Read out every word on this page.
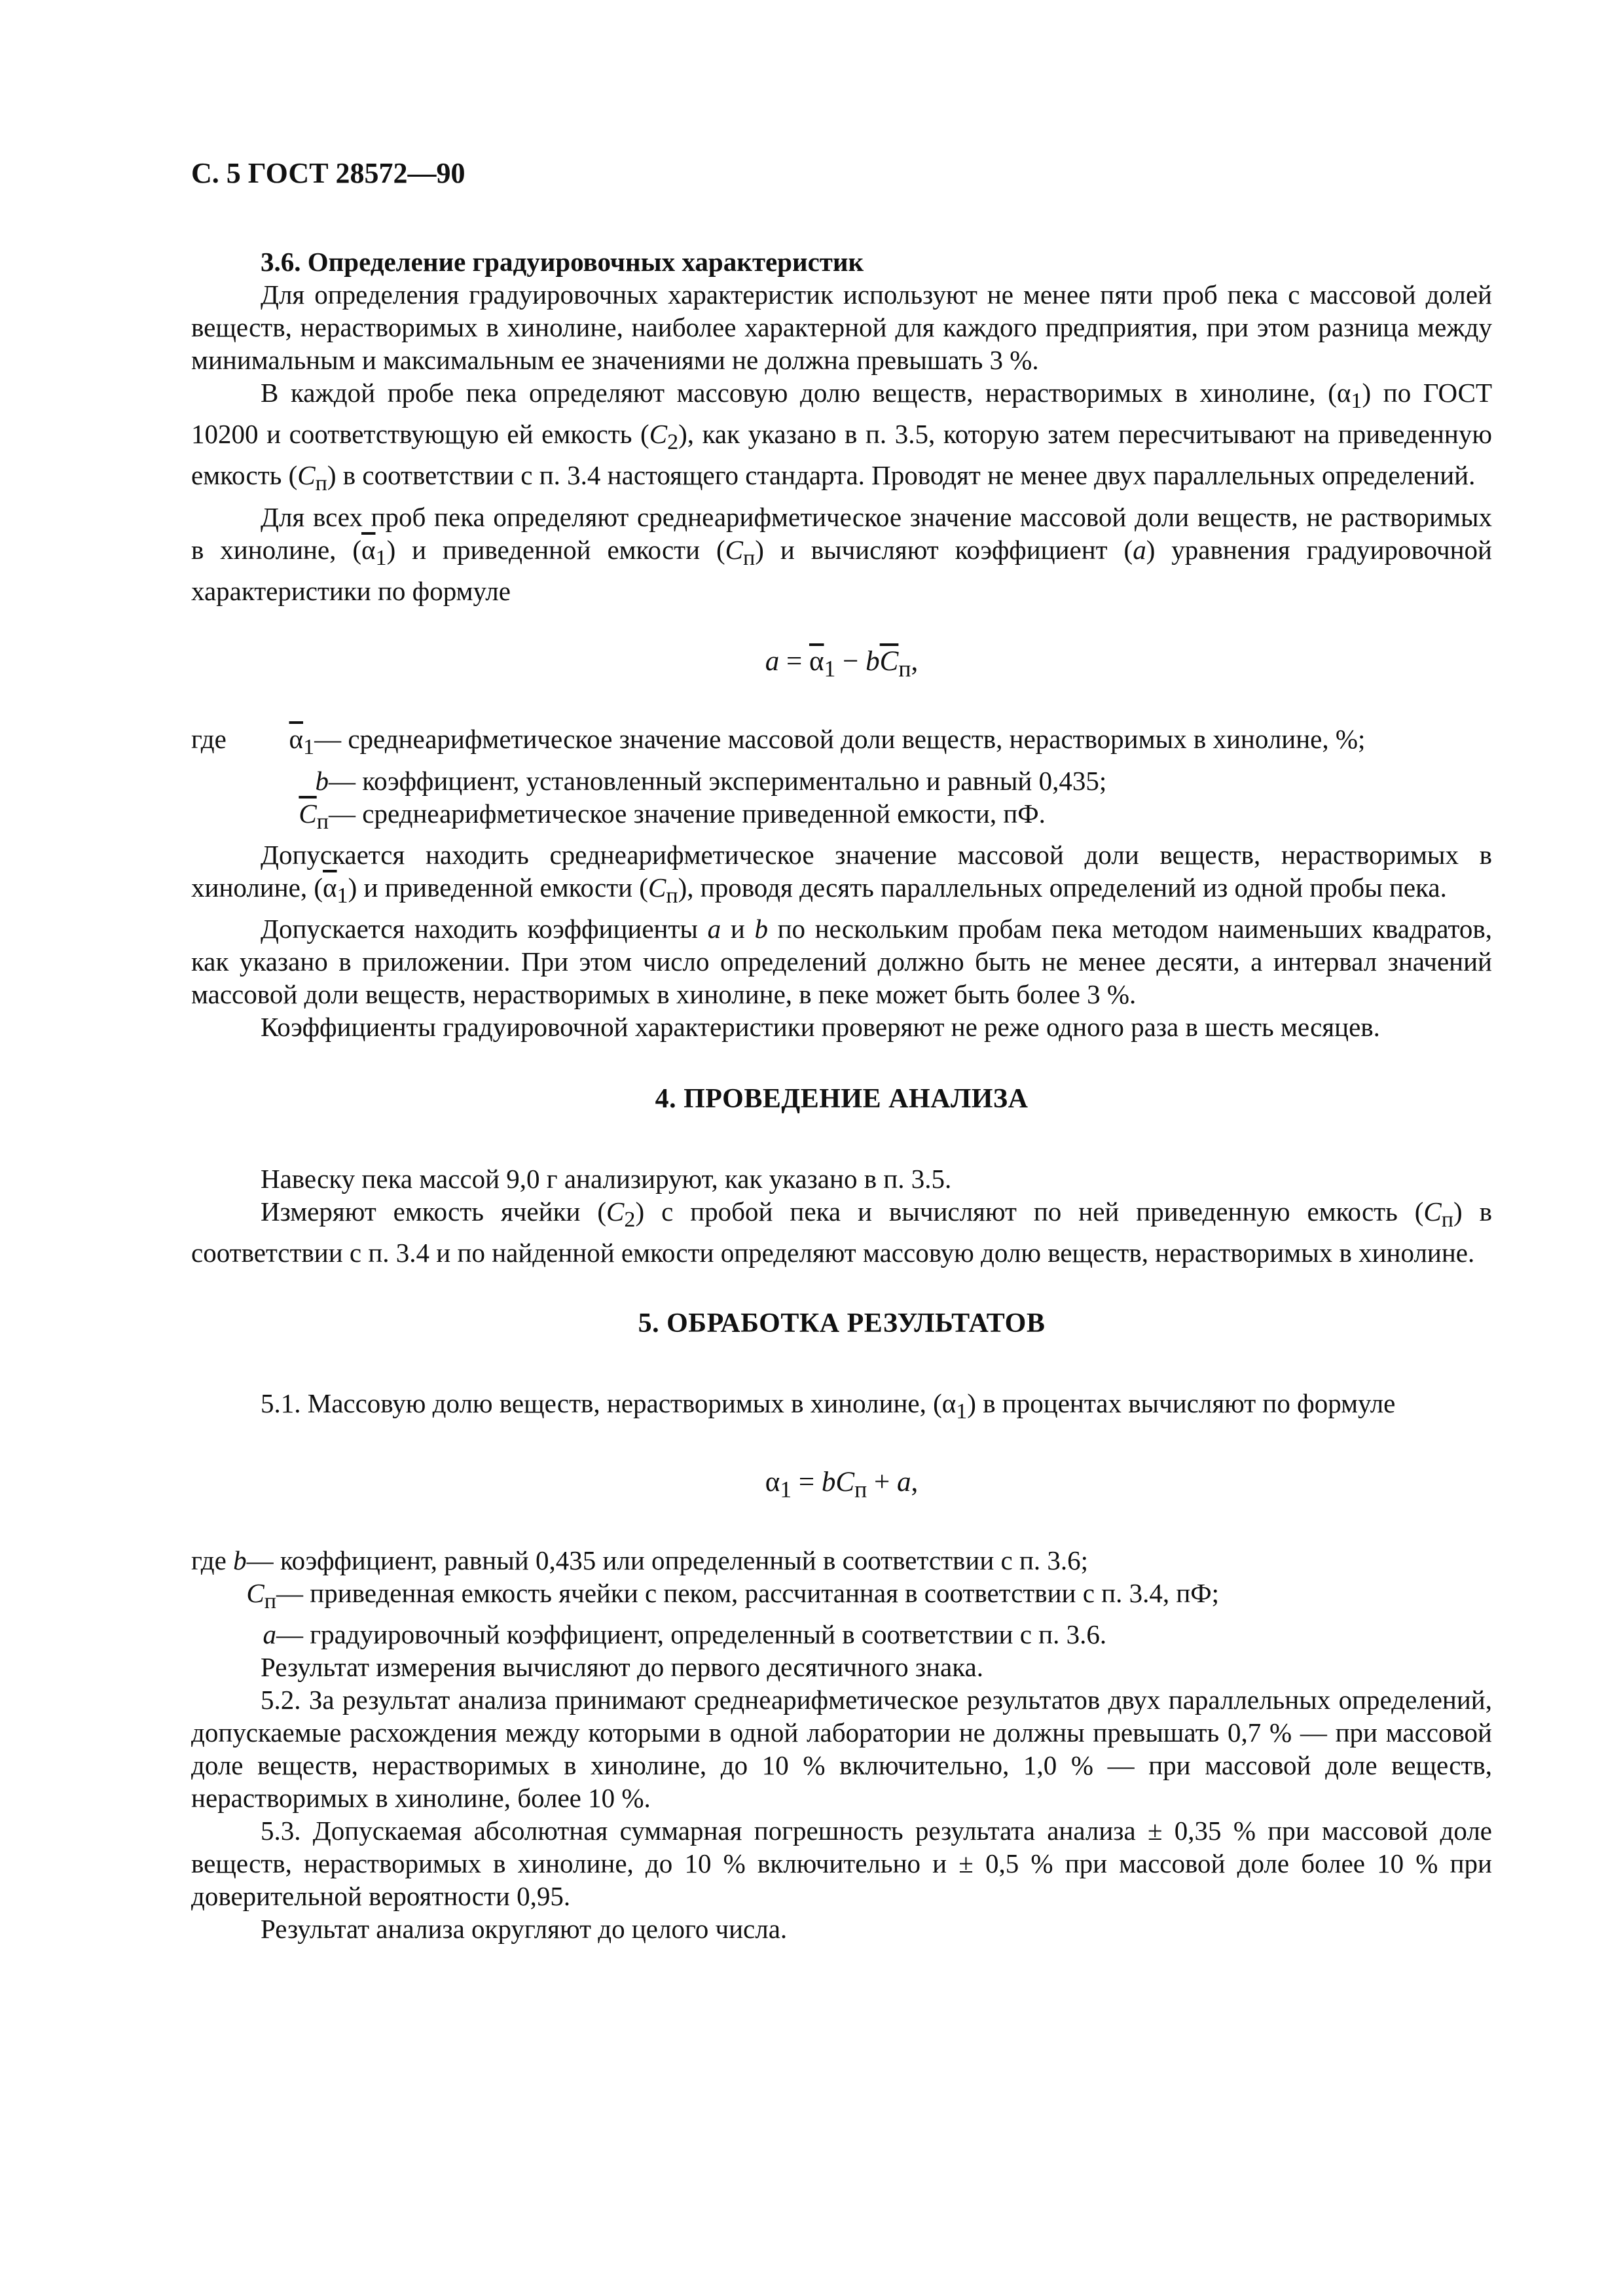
С. 5 ГОСТ 28572—90

3.6. Определение градуировочных характеристик

Для определения градуировочных характеристик используют не менее пяти проб пека с массовой долей веществ, нерастворимых в хинолине, наиболее характерной для каждого предприятия, при этом разница между минимальным и максимальным ее значениями не должна превышать 3 %.

В каждой пробе пека определяют массовую долю веществ, нерастворимых в хинолине, $(\alpha_1)$ по ГОСТ 10200 и соответствующую ей емкость $(C_2)$, как указано в п. 3.5, которую затем пересчитывают на приведенную емкость $(C_п)$ в соответствии с п. 3.4 настоящего стандарта. Проводят не менее двух параллельных определений.

Для всех проб пека определяют среднеарифметическое значение массовой доли веществ, не растворимых в хинолине, $(\overline{\alpha}_1)$ и приведенной емкости $(C_п)$ и вычисляют коэффициент (a) уравнения градуировочной характеристики по формуле

$a = \overline{\alpha}_1 - b\overline{C}_п$,
где	$\overline{\alpha}_1$ — среднеарифметическое значение массовой доли веществ, нерастворимых в хинолине, %;
b — коэффициент, установленный экспериментально и равный 0,435;
$\overline{C}_п$ — среднеарифметическое значение приведенной емкости, пФ.

Допускается находить среднеарифметическое значение массовой доли веществ, нерастворимых в хинолине, $(\overline{\alpha}_1)$ и приведенной емкости $(C_п)$, проводя десять параллельных определений из одной пробы пека.

Допускается находить коэффициенты a и b по нескольким пробам пека методом наименьших квадратов, как указано в приложении. При этом число определений должно быть не менее десяти, а интервал значений массовой доли веществ, нерастворимых в хинолине, в пеке может быть более 3 %.

Коэффициенты градуировочной характеристики проверяют не реже одного раза в шесть месяцев.

4. ПРОВЕДЕНИЕ АНАЛИЗА

Навеску пека массой 9,0 г анализируют, как указано в п. 3.5.

Измеряют емкость ячейки $(C_2)$ с пробой пека и вычисляют по ней приведенную емкость $(C_п)$ в соответствии с п. 3.4 и по найденной емкости определяют массовую долю веществ, нерастворимых в хинолине.

5. ОБРАБОТКА РЕЗУЛЬТАТОВ

5.1. Массовую долю веществ, нерастворимых в хинолине, $(\alpha_1)$ в процентах вычисляют по формуле

$\alpha_1 = bC_п + a$,
где b — коэффициент, равный 0,435 или определенный в соответствии с п. 3.6;
$C_п$ — приведенная емкость ячейки с пеком, рассчитанная в соответствии с п. 3.4, пФ;
a — градуировочный коэффициент, определенный в соответствии с п. 3.6.

Результат измерения вычисляют до первого десятичного знака.

5.2. За результат анализа принимают среднеарифметическое результатов двух параллельных определений, допускаемые расхождения между которыми в одной лаборатории не должны превышать 0,7 % — при массовой доле веществ, нерастворимых в хинолине, до 10 % включительно, 1,0 % — при массовой доле веществ, нерастворимых в хинолине, более 10 %.

5.3. Допускаемая абсолютная суммарная погрешность результата анализа ± 0,35 % при массовой доле веществ, нерастворимых в хинолине, до 10 % включительно и ± 0,5 % при массовой доле более 10 % при доверительной вероятности 0,95.

Результат анализа округляют до целого числа.
